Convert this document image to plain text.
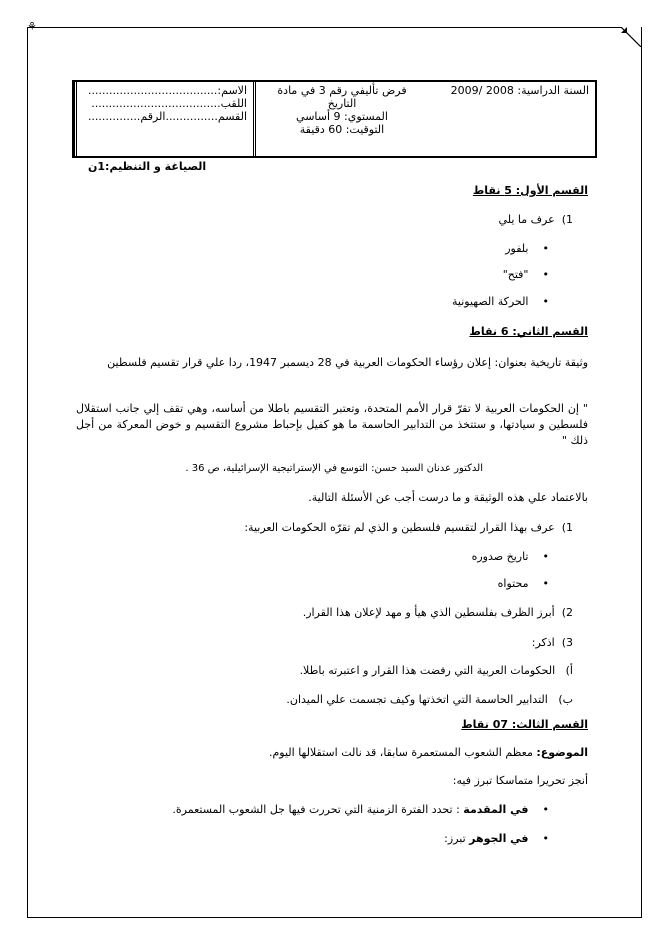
⚘
السنة الدراسية: 2008 /2009	
فرض تأليفي رقم 3 في مادة التاريخ
المستوي: 9 أساسي
التوقيت: 60 دقيقة

الاسم:.....................................
اللقب.....................................
القسم...............الرقم...............
الصياغة و التنظيم:1ن
القسم الأول: 5 نقاط
1)  عرف ما يلي
• بلفور
• "فتح"
• الحركة الصهيونية
القسم الثاني: 6 نقاط
وثيقة تاريخية بعنوان: إعلان رؤساء الحكومات العربية في 28 ديسمبر 1947، ردا علي قرار تقسيم فلسطين
" إن الحكومات العربية لا تقرّ قرار الأمم المتحدة، وتعتبر التقسيم باطلا من أساسه، وهي تقف إلي جانب استقلال فلسطين و سيادتها، و ستتخذ من التدابير الحاسمة ما هو كفيل بإحباط مشروع التقسيم و خوض المعركة من أجل ذلك "
الدكتور عدنان السيد حسن: التوسع في الإستراتيجية الإسرائيلية، ص 36 .
بالاعتماد علي هذه الوثيقة و ما درست أجب عن الأسئلة التالية.
1)  عرف بهذا القرار لتقسيم فلسطين و الذي لم تقرّه الحكومات العربية:
• تاريخ صدوره
• محتواه
2)  أبرز الظرف بفلسطين الذي هيأ و مهد لإعلان هذا القرار.
3)  اذكر:
أ)   الحكومات العربية التي رفضت هذا القرار و اعتبرته باطلا.
ب)   التدابير الحاسمة التي اتخذتها وكيف تجسمت علي الميدان.
القسم الثالث: 07 نقاط
الموضوع: معظم الشعوب المستعمرة سابقا، قد نالت استقلالها اليوم.
أنجز تحريرا متماسكا تبرز فيه:
• في المقدمة : تحدد الفترة الزمنية التي تحررت فيها جل الشعوب المستعمرة.
• في الجوهر تبرز:
